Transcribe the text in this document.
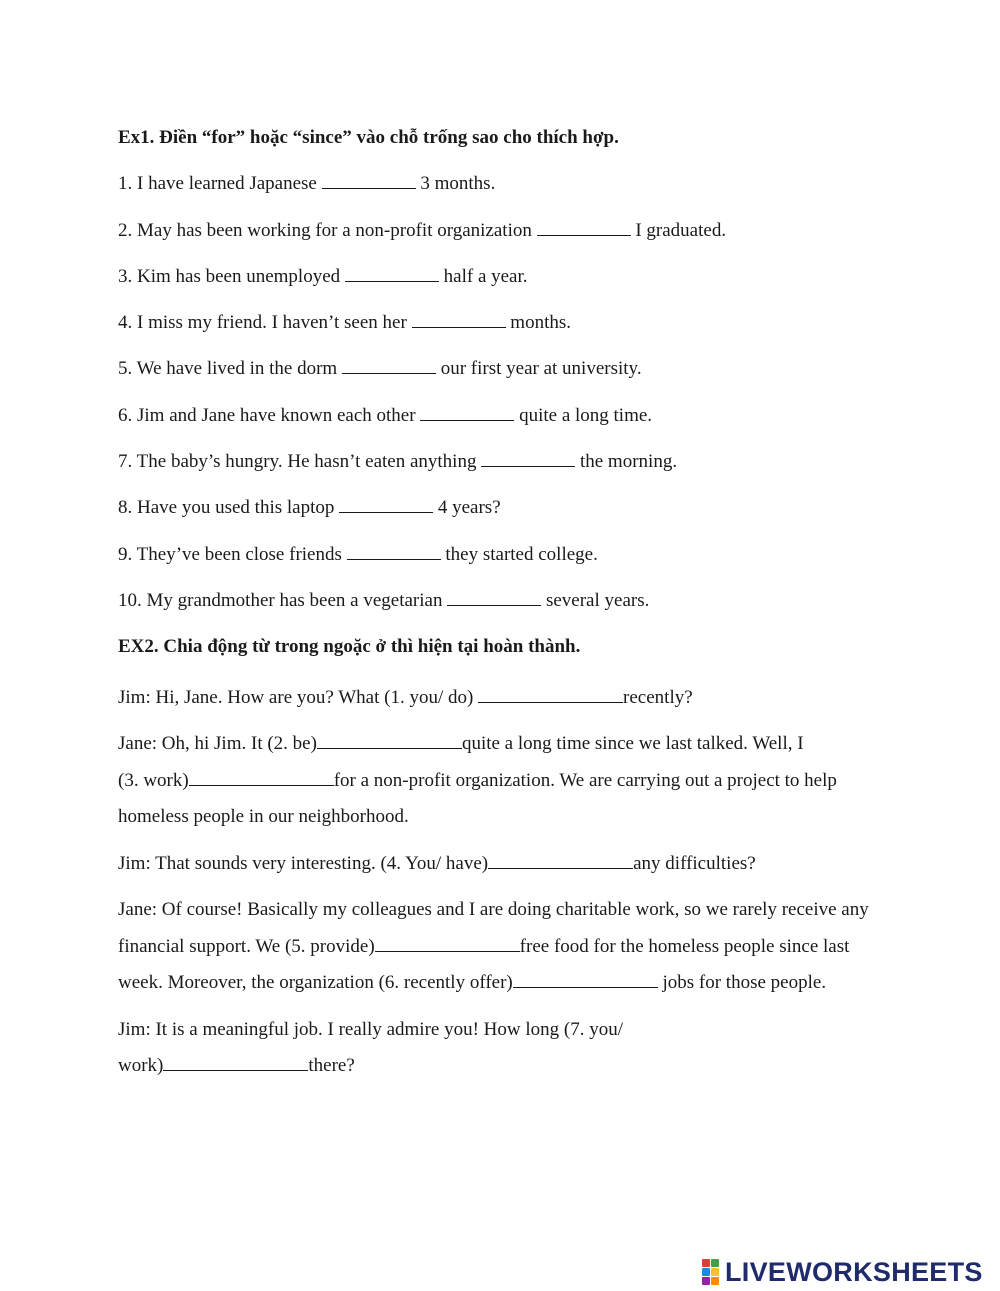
Ex1. Điền “for” hoặc “since” vào chỗ trống sao cho thích hợp.

1. I have learned Japanese	3 months.

2. May has been working for a non-profit organization	I graduated.

3. Kim has been unemployed	half a year.

4. I miss my friend. I haven’t seen her	months.

5. We have lived in the dorm	our first year at university.

6. Jim and Jane have known each other	quite a long time.

7. The baby’s hungry. He hasn’t eaten anything	the morning.

8. Have you used this laptop	4 years?

9. They’ve been close friends	they started college.

10. My grandmother has been a vegetarian	several years.

EX2. Chia động từ trong ngoặc ở thì hiện tại hoàn thành.

Jim: Hi, Jane. How are you? What (1. you/ do)	recently?

Jane: Oh, hi Jim. It (2. be)	quite a long time since we last talked. Well, I
(3. work)	for a non-profit organization. We are carrying out a project to help homeless people in our neighborhood.

Jim: That sounds very interesting. (4. You/ have)	any difficulties?

Jane: Of course! Basically my colleagues and I are doing charitable work, so we rarely receive any financial support. We (5. provide)	free food for the homeless people since last week. Moreover, the organization (6. recently offer)	jobs for those people.

Jim: It is a meaningful job. I really admire you! How long (7. you/
work)	there?

LIVEWORKSHEETS
